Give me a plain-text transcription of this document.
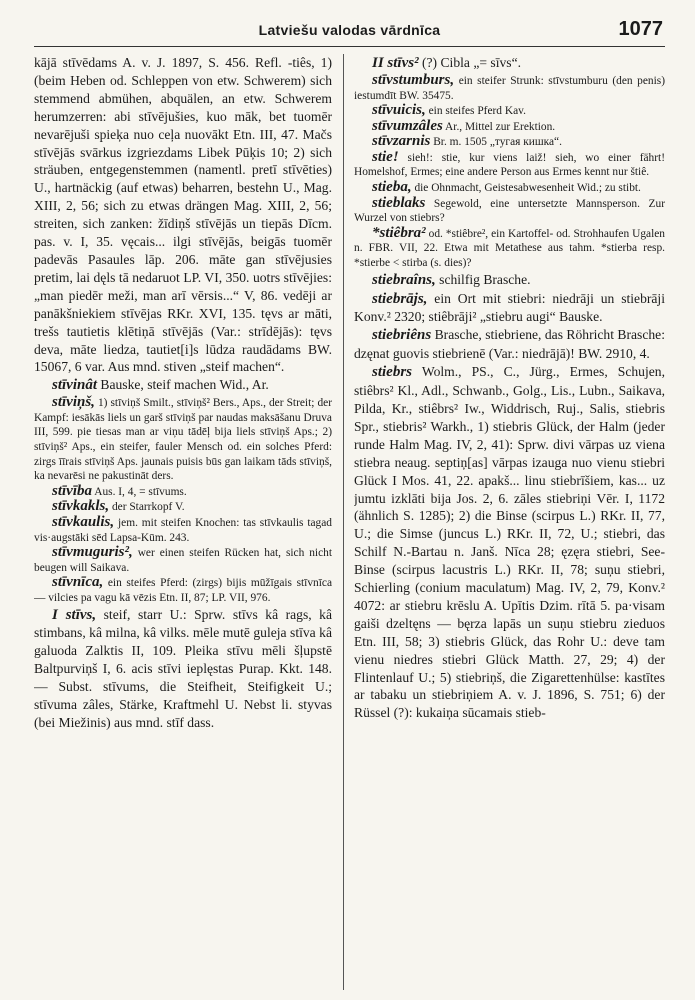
Latviešu valodas vārdnīca	1077

kājā stīvēdams A. v. J. 1897, S. 456. Refl. -tiês, 1) (beim Heben od. Schleppen von etw. Schwerem) sich stemmend abmühen, abquälen, an etw. Schwerem herumzerren: abi stīvējušies, kuo māk, bet tuomēr nevarējuši spieķa nuo ceļa nuovākt Etn. III, 47. Mačs stīvējās svārkus izgriezdams Libek Pūķis 10; 2) sich sträuben, entgegenstemmen (namentl. pretī stīvēties) U., hartnäckig (auf etwas) beharren, bestehn U., Mag. XIII, 2, 56; sich zu etwas drängen Mag. XIII, 2, 56; streiten, sich zanken: žīdiņš stīvējās un tiepās Dīcm. pas. v. I, 35. vęcais... ilgi stīvējās, beigās tuomēr padevās Pasaules lāp. 206. māte gan stīvējusies pretim, lai dęls tā nedaruot LP. VI, 350. uotrs stīvējies: „man piedēr meži, man arī vērsis...“ V, 86. vedēji ar panākšniekiem stīvējas RKr. XVI, 135. tęvs ar māti, trešs tautietis klētiņā stīvējās (Var.: strīdējās): tęvs deva, māte liedza, tautiet[i]s lūdza raudādams BW. 15067, 6 var. Aus mnd. stiven „steif machen“.

stīvinât Bauske, steif machen Wid., Ar.

stīviņš, 1) stīviņš Smilt., stīviņš² Bers., Aps., der Streit; der Kampf: iesākās liels un garš stīviņš par naudas maksāšanu Druva III, 599. pie tiesas man ar viņu tādēļ bija liels stīviņš Aps.; 2) stīviņš² Aps., ein steifer, fauler Mensch od. ein solches Pferd: zirgs īīrais stīviņš Aps. jaunais puisis būs gan laikam tāds stīviņš, ka nevarēsi ne pakustināt ders.

stīvība Aus. I, 4, = stīvums.

stīvkakls, der Starrkopf V.

stīvkaulis, jem. mit steifen Knochen: tas stīvkaulis tagad vis·augstāki sēd Lapsa-Kūm. 243.

stīvmuguris², wer einen steifen Rücken hat, sich nicht beugen will Saikava.

stīvnīca, ein steifes Pferd: (zirgs) bijis mūžīgais stīvnīca — vilcies pa vagu kā vēzis Etn. II, 87; LP. VII, 976.

I stīvs, steif, starr U.: Sprw. stīvs kâ rags, kâ stimbans, kâ milna, kâ vilks. mēle mutē guleja stīva kâ galuoda Zalktis II, 109. Pleika stīvu mēli šļupstē Baltpurviņš I, 6. acis stīvi ieplęstas Purap. Kkt. 148. — Subst. stīvums, die Steifheit, Steifigkeit U.; stīvuma zâles, Stärke, Kraftmehl U. Nebst li. styvas (bei Miežinis) aus mnd. stīf dass.

II stīvs² (?) Cibla „= sīvs“.

stīvstumburs, ein steifer Strunk: stīvstumburu (den penis) iestumdīt BW. 35475.

stīvuicis, ein steifes Pferd Kav.

stīvumzâles Ar., Mittel zur Erektion.

stīvzarnis Br. m. 1505 „тугая кишка“.

stie! sieh!: stie, kur viens laiž! sieh, wo einer fährt! Homelshof, Ermes; eine andere Person aus Ermes kennt nur štiê.

stieba, die Ohnmacht, Geistesabwesenheit Wid.; zu stibt.

stieblaks Segewold, eine untersetzte Mannsperson. Zur Wurzel von stiebrs?

*stiêbra² od. *stiêbre², ein Kartoffel- od. Strohhaufen Ugalen n. FBR. VII, 22. Etwa mit Metathese aus tahm. *stierba resp. *stierbe < stirba (s. dies)?

stiebraîns, schilfig Brasche.

stiebrājs, ein Ort mit stiebri: niedrāji un stiebrāji Konv.² 2320; stiêbrāji² „stiebru augi“ Bauske.

stiebriêns Brasche, stiebriene, das Röhricht Brasche: dzęnat guovis stiebrienē (Var.: niedrājā)! BW. 2910, 4.

stiebrs Wolm., PS., C., Jürg., Ermes, Schujen, stiêbrs² Kl., Adl., Schwanb., Golg., Lis., Lubn., Saikava, Pilda, Kr., stiêbrs² Iw., Widdrisch, Ruj., Salis, stiebris Spr., stiebris² Warkh., 1) stiebris Glück, der Halm (jeder runde Halm Mag. IV, 2, 41): Sprw. divi vārpas uz viena stiebra neaug. septiņ[as] vārpas izauga nuo vienu stiebri Glück I Mos. 41, 22. apakš... linu stiebrīšiem, kas... uz jumtu izklāti bija Jos. 2, 6. zāles stiebriņi Vēr. I, 1172 (ähnlich S. 1285); 2) die Binse (scirpus L.) RKr. II, 77, U.; die Simse (juncus L.) RKr. II, 72, U.; stiebri, das Schilf N.-Bartau n. Janš. Nīca 28; ęzęra stiebri, See-Binse (scirpus lacustris L.) RKr. II, 78; suņu stiebri, Schierling (conium maculatum) Mag. IV, 2, 79, Konv.² 4072: ar stiebru krēslu A. Upītis Dzim. rītā 5. pa·visam gaiši dzeltęns — bęrza lapās un suņu stiebru zieduos Etn. III, 58; 3) stiebris Glück, das Rohr U.: deve tam vienu niedres stiebri Glück Matth. 27, 29; 4) der Flintenlauf U.; 5) stiebriņš, die Zigarettenhülse: kastītes ar tabaku un stiebriņiem A. v. J. 1896, S. 751; 6) der Rüssel (?): kukaiņa sūcamais stieb-
